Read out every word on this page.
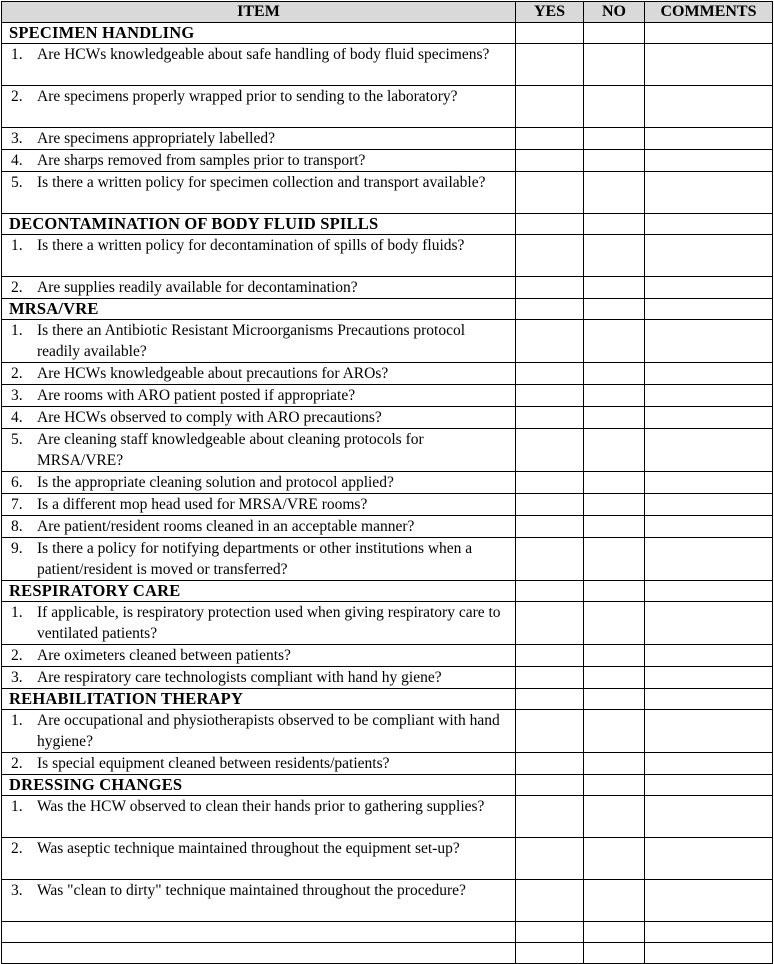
ITEM	YES	NO	COMMENTS
SPECIMEN HANDLING			

1. Are HCWs knowledgeable about safe handling of body fluid specimens?			

2. Are specimens properly wrapped prior to sending to the laboratory?			

3. Are specimens appropriately labelled?			

4. Are sharps removed from samples prior to transport?			

5. Is there a written policy for specimen collection and transport available?			

DECONTAMINATION OF BODY FLUID SPILLS			

1. Is there a written policy for decontamination of spills of body fluids?			

2. Are supplies readily available for decontamination?			

MRSA/VRE			

1. Is there an Antibiotic Resistant Microorganisms Precautions protocol readily available?			

2. Are HCWs knowledgeable about precautions for AROs?			

3. Are rooms with ARO patient posted if appropriate?			

4. Are HCWs observed to comply with ARO precautions?			

5. Are cleaning staff knowledgeable about cleaning protocols for MRSA/VRE?			

6. Is the appropriate cleaning solution and protocol applied?			

7. Is a different mop head used for MRSA/VRE rooms?			

8. Are patient/resident rooms cleaned in an acceptable manner?			

9. Is there a policy for notifying departments or other institutions when a patient/resident is moved or transferred?			

RESPIRATORY CARE			

1. If applicable, is respiratory protection used when giving respiratory care to ventilated patients?			

2. Are oximeters cleaned between patients?			

3. Are respiratory care technologists compliant with hand hy giene?			

REHABILITATION THERAPY			

1. Are occupational and physiotherapists observed to be compliant with hand hygiene?			

2. Is special equipment cleaned between residents/patients?			

DRESSING CHANGES			

1. Was the HCW observed to clean their hands prior to gathering supplies?			

2. Was aseptic technique maintained throughout the equipment set-up?			

3. Was "clean to dirty" technique maintained throughout the procedure?			
